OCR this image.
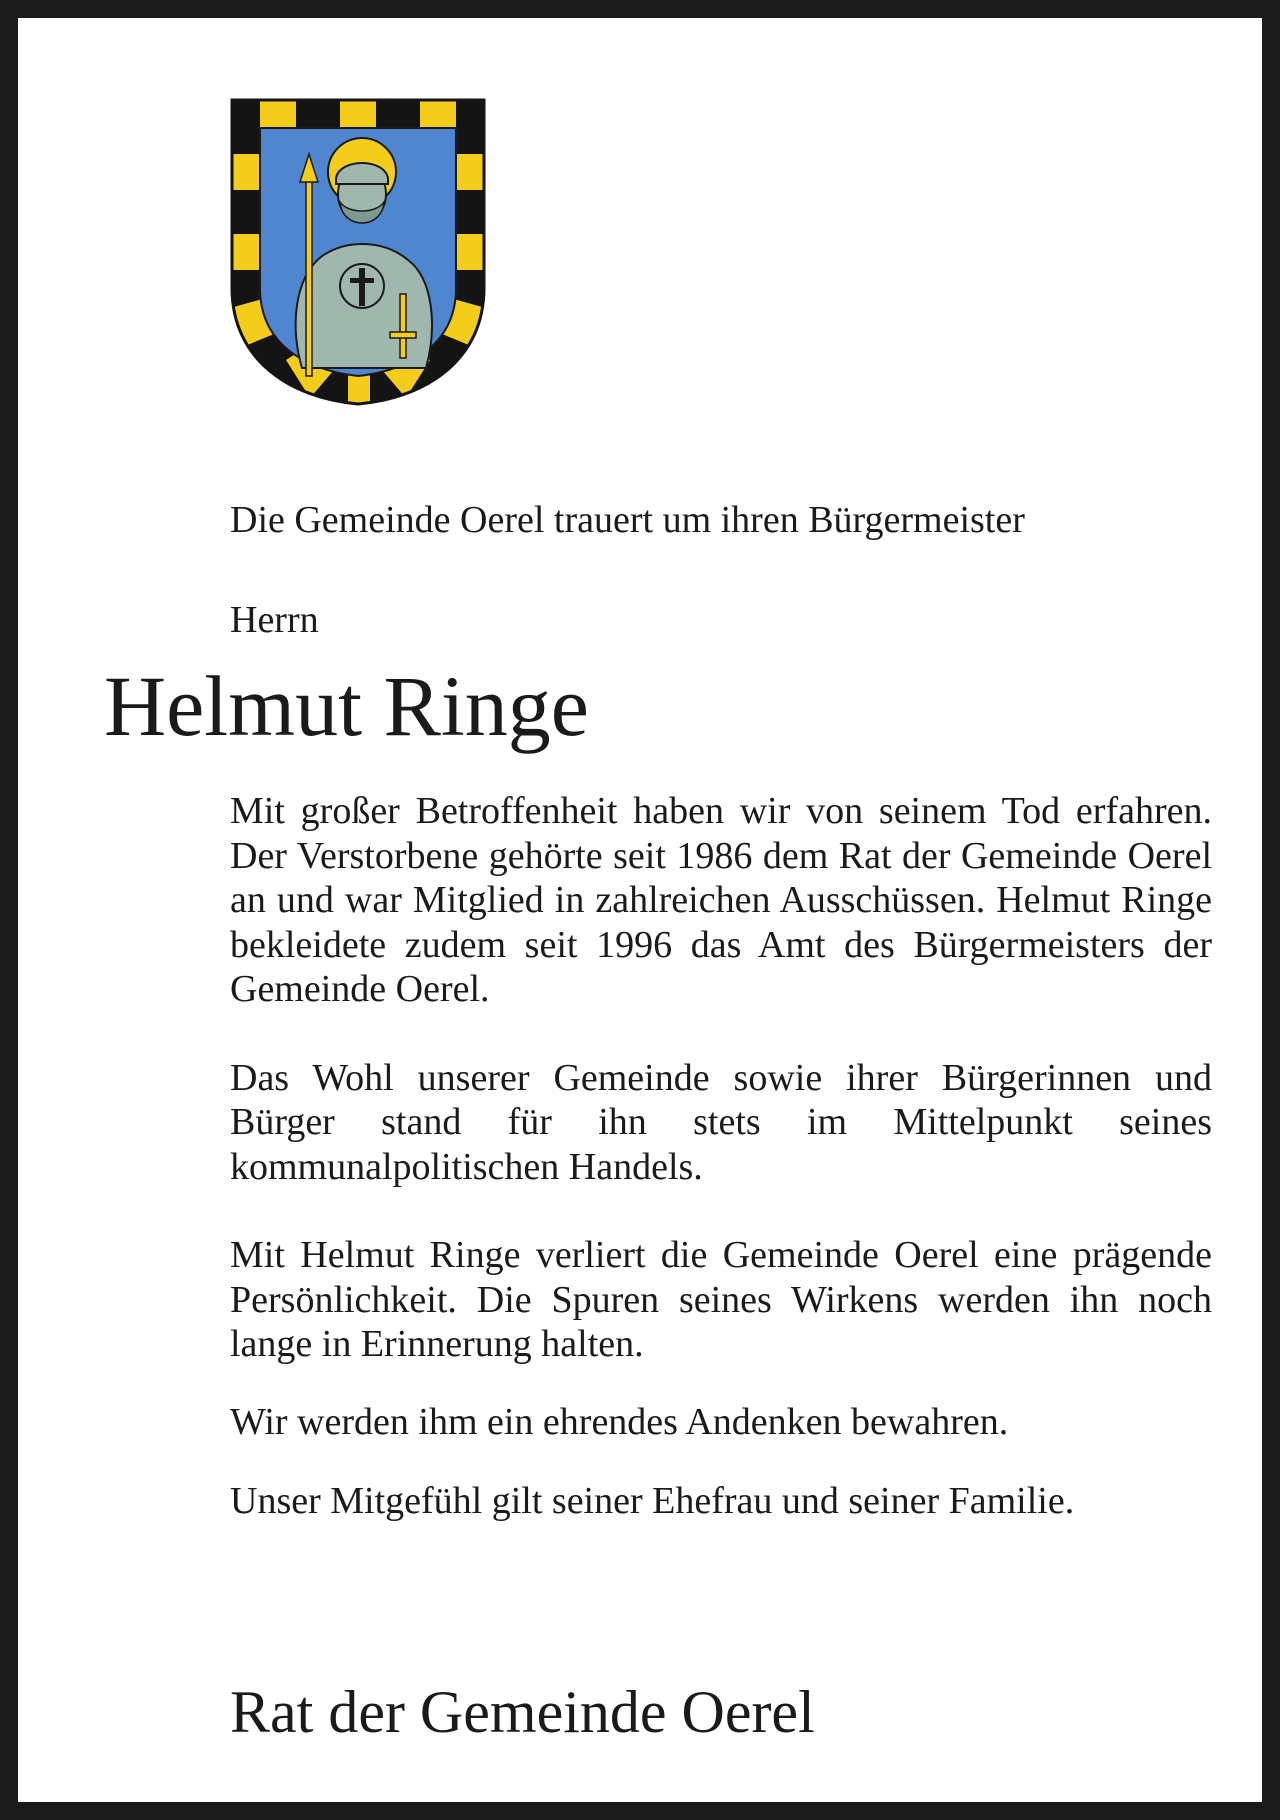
Die Gemeinde Oerel trauert um ihren Bürgermeister
Herrn
Helmut Ringe

Mit großer Betroffenheit haben wir von seinem Tod erfahren. Der Verstorbene gehörte seit 1986 dem Rat der Gemeinde Oerel an und war Mitglied in zahlreichen Ausschüssen. Helmut Ringe bekleidete zudem seit 1996 das Amt des Bürgermeisters der Gemeinde Oerel.

Das Wohl unserer Gemeinde sowie ihrer Bürgerinnen und Bürger stand für ihn stets im Mittelpunkt seines kommunalpolitischen Handels.

Mit Helmut Ringe verliert die Gemeinde Oerel eine prägende Persönlichkeit. Die Spuren seines Wirkens werden ihn noch lange in Erinnerung halten.

Wir werden ihm ein ehrendes Andenken bewahren.

Unser Mitgefühl gilt seiner Ehefrau und seiner Familie.

Rat der Gemeinde Oerel
